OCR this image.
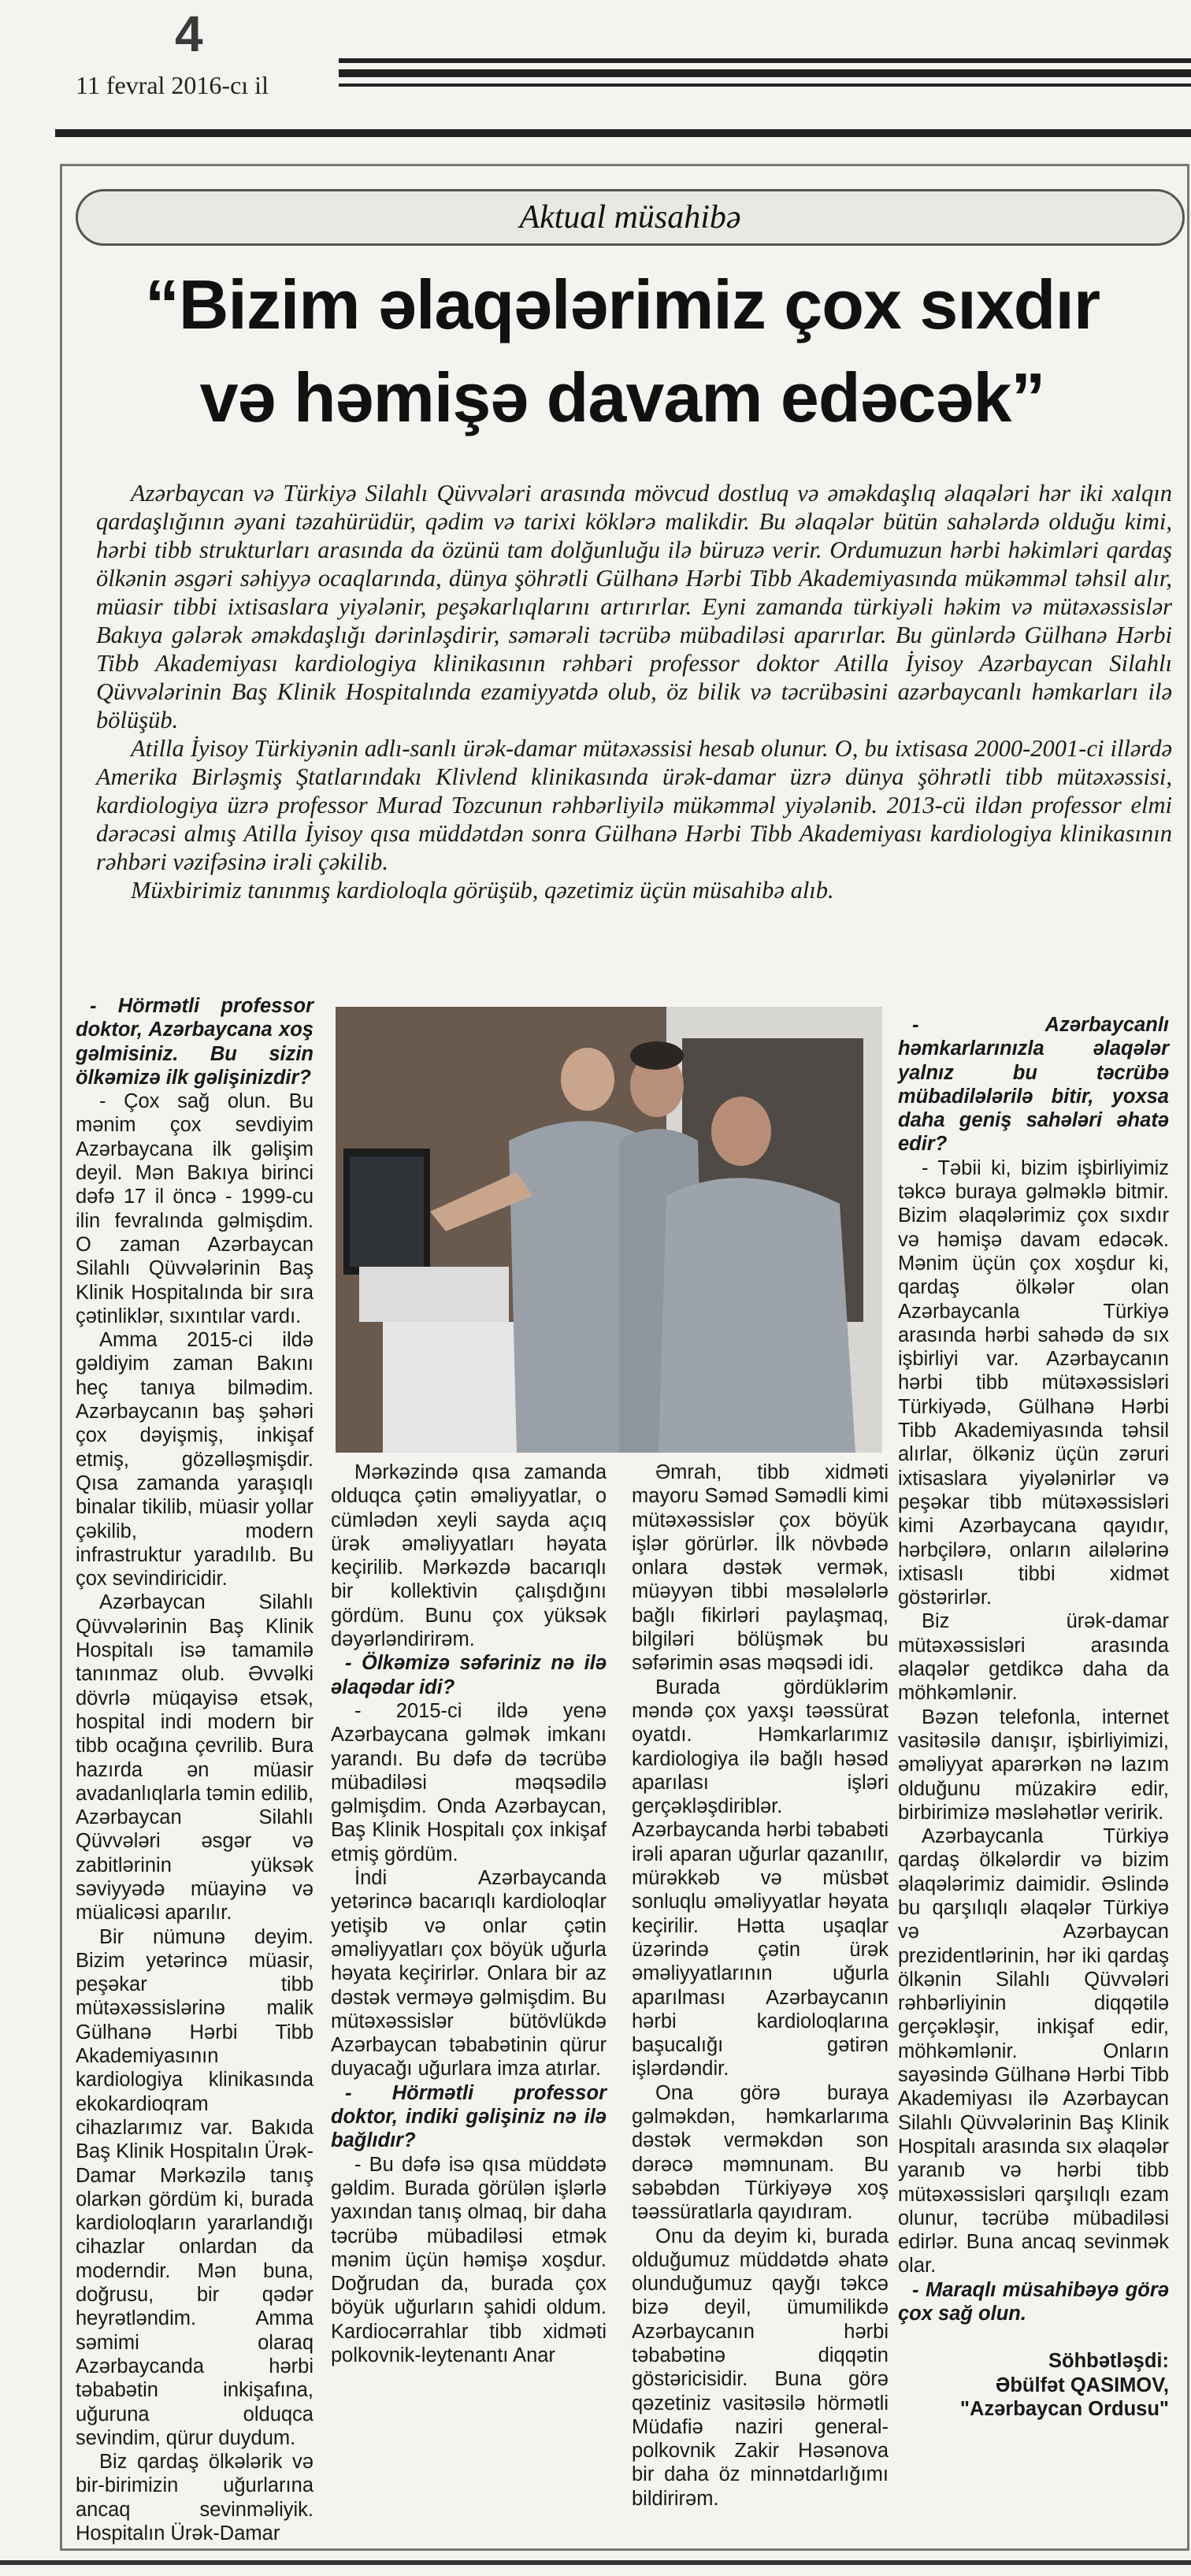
4
11 fevral 2016-cı il
Aktual müsahibə
“Bizim əlaqələrimiz çox sıxdır
və həmişə davam edəcək”

Azərbaycan və Türkiyə Silahlı Qüvvələri arasında mövcud dostluq və əməkdaşlıq əlaqələri hər iki xalqın qardaşlığının əyani təzahürüdür, qədim və tarixi köklərə malikdir. Bu əlaqələr bütün sahələrdə olduğu kimi, hərbi tibb strukturları arasında da özünü tam dolğunluğu ilə büruzə verir. Ordumuzun hərbi həkimləri qardaş ölkənin əsgəri səhiyyə ocaqlarında, dünya şöhrətli Gülhanə Hərbi Tibb Akademiyasında mükəmməl təhsil alır, müasir tibbi ixtisaslara yiyələnir, peşəkarlıqlarını artırırlar. Eyni zamanda türkiyəli həkim və mütəxəssislər Bakıya gələrək əməkdaşlığı dərinləşdirir, səmərəli təcrübə mübadiləsi aparırlar. Bu günlərdə Gülhanə Hərbi Tibb Akademiyası kardiologiya klinikasının rəhbəri professor doktor Atilla İyisoy Azərbaycan Silahlı Qüvvələrinin Baş Klinik Hospitalında ezamiyyətdə olub, öz bilik və təcrübəsini azərbaycanlı həmkarları ilə bölüşüb.

Atilla İyisoy Türkiyənin adlı-sanlı ürək-damar mütəxəssisi hesab olunur. O, bu ixtisasa 2000-2001-ci illərdə Amerika Birləşmiş Ştatlarındakı Klivlend klinikasında ürək-damar üzrə dünya şöhrətli tibb mütəxəssisi, kardiologiya üzrə professor Murad Tozcunun rəhbərliyilə mükəmməl yiyələnib. 2013-cü ildən professor elmi dərəcəsi almış Atilla İyisoy qısa müddətdən sonra Gülhanə Hərbi Tibb Akademiyası kardiologiya klinikasının rəhbəri vəzifəsinə irəli çəkilib.

Müxbirimiz tanınmış kardioloqla görüşüb, qəzetimiz üçün müsahibə alıb.

- Hörmətli professor doktor, Azərbaycana xoş gəlmisiniz. Bu sizin ölkəmizə ilk gəlişinizdir?

- Çox sağ olun. Bu mənim çox sevdiyim Azərbaycana ilk gəlişim deyil. Mən Bakıya birinci dəfə 17 il öncə - 1999-cu ilin fevralında gəlmişdim. O zaman Azərbaycan Silahlı Qüvvələrinin Baş Klinik Hospitalında bir sıra çətinliklər, sıxıntılar vardı.

Amma 2015-ci ildə gəldiyim zaman Bakını heç tanıya bilmədim. Azərbaycanın baş şəhəri çox dəyişmiş, inkişaf etmiş, gözəlləşmişdir. Qısa zamanda yaraşıqlı binalar tikilib, müasir yollar çəkilib, modern infrastruktur yaradılıb. Bu çox sevindiricidir.

Azərbaycan Silahlı Qüvvələrinin Baş Klinik Hospitalı isə tamamilə tanınmaz olub. Əvvəlki dövrlə müqayisə etsək, hospital indi modern bir tibb ocağına çevrilib. Bura hazırda ən müasir avadanlıqlarla təmin edilib, Azərbaycan Silahlı Qüvvələri əsgər və zabitlərinin yüksək səviyyədə müayinə və müalicəsi aparılır.

Bir nümunə deyim. Bizim yetərincə müasir, peşəkar tibb mütəxəssislərinə malik Gülhanə Hərbi Tibb Akademiyasının kardiologiya klinikasında ekokardioqram cihazlarımız var. Bakıda Baş Klinik Hospitalın Ürək-Damar Mərkəzilə tanış olarkən gördüm ki, burada kardioloqların yararlandığı cihazlar onlardan da moderndir. Mən buna, doğrusu, bir qədər heyrətləndim. Amma səmimi olaraq Azərbaycanda hərbi təbabətin inkişafına, uğuruna olduqca sevindim, qürur duydum.

Biz qardaş ölkələrik və bir-birimizin uğurlarına ancaq sevinməliyik. Hospitalın Ürək-Damar

Mərkəzində qısa zamanda olduqca çətin əməliyyatlar, o cümlədən xeyli sayda açıq ürək əməliyyatları həyata keçirilib. Mərkəzdə bacarıqlı bir kollektivin çalışdığını gördüm. Bunu çox yüksək dəyərləndirirəm.

- Ölkəmizə səfəriniz nə ilə əlaqədar idi?

- 2015-ci ildə yenə Azərbaycana gəlmək imkanı yarandı. Bu dəfə də təcrübə mübadiləsi məqsədilə gəlmişdim. Onda Azərbaycan, Baş Klinik Hospitalı çox inkişaf etmiş gördüm.

İndi Azərbaycanda yetərincə bacarıqlı kardioloqlar yetişib və onlar çətin əməliyyatları çox böyük uğurla həyata keçirirlər. Onlara bir az dəstək verməyə gəlmişdim. Bu mütəxəssislər bütövlükdə Azərbaycan təbabətinin qürur duyacağı uğurlara imza atırlar.

- Hörmətli professor doktor, indiki gəlişiniz nə ilə bağlıdır?

- Bu dəfə isə qısa müddətə gəldim. Burada görülən işlərlə yaxından tanış olmaq, bir daha təcrübə mübadiləsi etmək mənim üçün həmişə xoşdur. Doğrudan da, burada çox böyük uğurların şahidi oldum. Kardiocərrahlar tibb xidməti polkovnik-leytenantı Anar

Əmrah, tibb xidməti mayoru Səməd Səmədli kimi mütəxəssislər çox böyük işlər görürlər. İlk növbədə onlara dəstək vermək, müəyyən tibbi məsələlərlə bağlı fikirləri paylaşmaq, bilgiləri bölüşmək bu səfərimin əsas məqsədi idi.

Burada gördüklərim məndə çox yaxşı təəssürat oyatdı. Həmkarlarımız kardiologiya ilə bağlı həsəd aparılası işləri gerçəkləşdiriblər. Azərbaycanda hərbi təbabəti irəli aparan uğurlar qazanılır, mürəkkəb və müsbət sonluqlu əməliyyatlar həyata keçirilir. Hətta uşaqlar üzərində çətin ürək əməliyyatlarının uğurla aparılması Azərbaycanın hərbi kardioloqlarına başucalığı gətirən işlərdəndir.

Ona görə buraya gəlməkdən, həmkarlarıma dəstək verməkdən son dərəcə məmnunam. Bu səbəbdən Türkiyəyə xoş təəssüratlarla qayıdıram.

Onu da deyim ki, burada olduğumuz müddətdə əhatə olunduğumuz qayğı təkcə bizə deyil, ümumilikdə Azərbaycanın hərbi təbabətinə diqqətin göstəricisidir. Buna görə qəzetiniz vasitəsilə hörmətli Müdafiə naziri general-polkovnik Zakir Həsənova bir daha öz minnətdarlığımı bildirirəm.

- Azərbaycanlı həmkarlarınızla əlaqələr yalnız bu təcrübə mübadilələrilə bitir, yoxsa daha geniş sahələri əhatə edir?

- Təbii ki, bizim işbirliyimiz təkcə buraya gəlməklə bitmir. Bizim əlaqələrimiz çox sıxdır və həmişə davam edəcək. Mənim üçün çox xoşdur ki, qardaş ölkələr olan Azərbaycanla Türkiyə arasında hərbi sahədə də sıx işbirliyi var. Azərbaycanın hərbi tibb mütəxəssisləri Türkiyədə, Gülhanə Hərbi Tibb Akademiyasında təhsil alırlar, ölkəniz üçün zəruri ixtisaslara yiyələnirlər və peşəkar tibb mütəxəssisləri kimi Azərbaycana qayıdır, hərbçilərə, onların ailələrinə ixtisaslı tibbi xidmət göstərirlər.

Biz ürək-damar mütəxəssisləri arasında əlaqələr getdikcə daha da möhkəmlənir.

Bəzən telefonla, internet vasitəsilə danışır, işbirliyimizi, əməliyyat aparərkən nə lazım olduğunu müzakirə edir, birbirimizə məsləhətlər veririk.

Azərbaycanla Türkiyə qardaş ölkələrdir və bizim əlaqələrimiz daimidir. Əslində bu qarşılıqlı əlaqələr Türkiyə və Azərbaycan prezidentlərinin, hər iki qardaş ölkənin Silahlı Qüvvələri rəhbərliyinin diqqətilə gerçəkləşir, inkişaf edir, möhkəmlənir. Onların sayəsində Gülhanə Hərbi Tibb Akademiyası ilə Azərbaycan Silahlı Qüvvələrinin Baş Klinik Hospitalı arasında sıx əlaqələr yaranıb və hərbi tibb mütəxəssisləri qarşılıqlı ezam olunur, təcrübə mübadiləsi edirlər. Buna ancaq sevinmək olar.

- Maraqlı müsahibəyə görə çox sağ olun.

Söhbətləşdi:
Əbülfət QASIMOV,
"Azərbaycan Ordusu"
